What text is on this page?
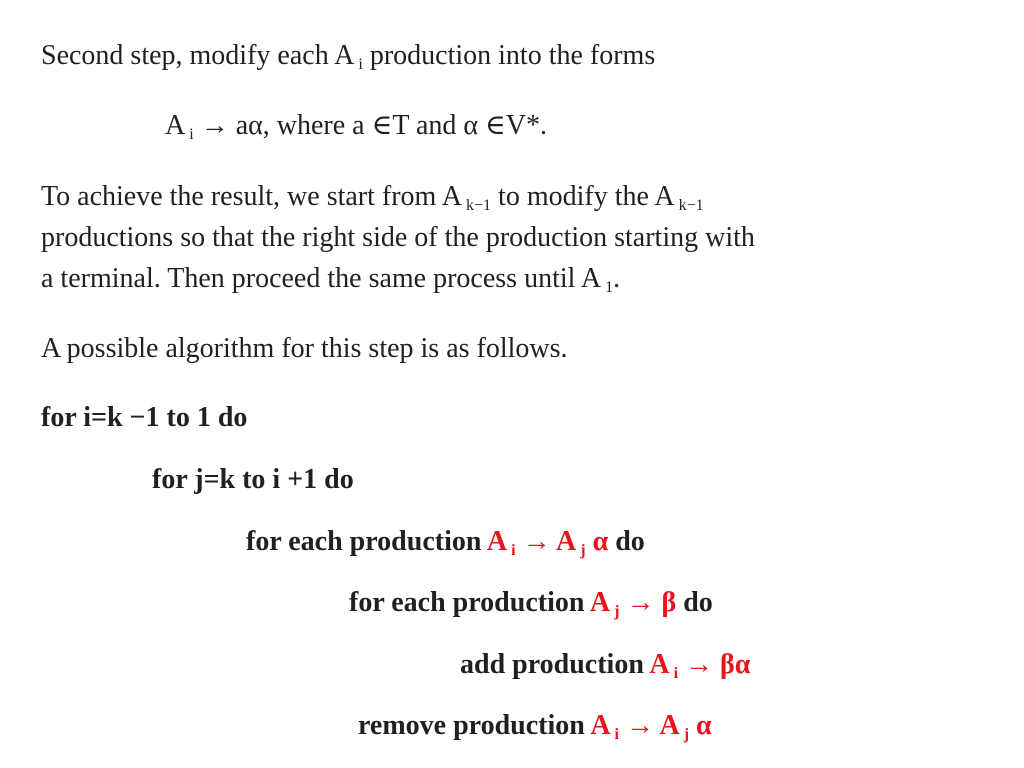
Second step, modify each A $_i$ production into the forms
A $_i$ → aα, where a ∈T and α ∈V*.
To achieve the result, we start from A $_{k-1}$ to modify the A $_{k-1}$
productions so that the right side of the production starting with
a terminal. Then proceed the same process until A $_1$.
A possible algorithm for this step is as follows.
for i=k −1 to 1 do
for j=k to i +1 do
for each production A $_i$ → A $_j$ α do
for each production A $_j$ → β do
add production A $_i$ → βα
remove production A $_i$ → A $_j$ α
